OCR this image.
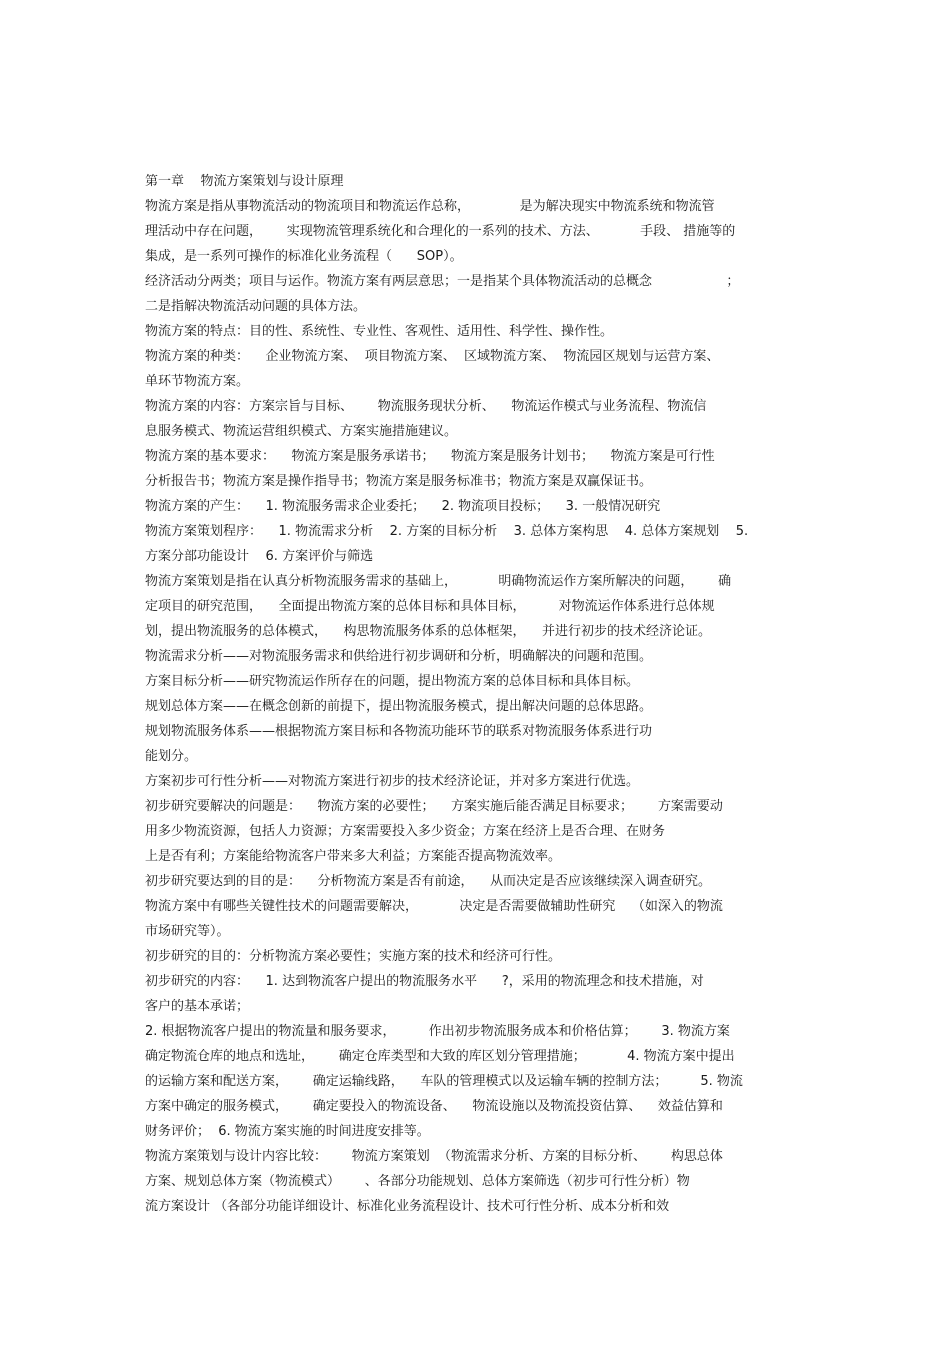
第一章    物流方案策划与设计原理
物流方案是指从事物流活动的物流项目和物流运作总称，            是为解决现实中物流系统和物流管
理活动中存在问题，      实现物流管理系统化和合理化的一系列的技术、方法、          手段、 措施等的
集成，是一系列可操作的标准化业务流程（      SOP）。
经济活动分两类；项目与运作。物流方案有两层意思；一是指某个具体物流活动的总概念                  ；
二是指解决物流活动问题的具体方法。
物流方案的特点：目的性、系统性、专业性、客观性、适用性、科学性、操作性。
物流方案的种类：    企业物流方案、  项目物流方案、  区域物流方案、  物流园区规划与运营方案、
单环节物流方案。
物流方案的内容：方案宗旨与目标、      物流服务现状分析、    物流运作模式与业务流程、物流信
息服务模式、物流运营组织模式、方案实施措施建议。
物流方案的基本要求：    物流方案是服务承诺书；    物流方案是服务计划书；    物流方案是可行性
分析报告书；物流方案是操作指导书；物流方案是服务标准书；物流方案是双赢保证书。
物流方案的产生：    1. 物流服务需求企业委托；    2. 物流项目投标；    3. 一般情况研究
物流方案策划程序：    1. 物流需求分析    2. 方案的目标分析    3. 总体方案构思    4. 总体方案规划    5.
方案分部功能设计    6. 方案评价与筛选
物流方案策划是指在认真分析物流服务需求的基础上，          明确物流运作方案所解决的问题，      确
定项目的研究范围，    全面提出物流方案的总体目标和具体目标，        对物流运作体系进行总体规
划，提出物流服务的总体模式，    构思物流服务体系的总体框架，    并进行初步的技术经济论证。
物流需求分析——对物流服务需求和供给进行初步调研和分析，明确解决的问题和范围。
方案目标分析——研究物流运作所存在的问题，提出物流方案的总体目标和具体目标。
规划总体方案——在概念创新的前提下，提出物流服务模式，提出解决问题的总体思路。
规划物流服务体系——根据物流方案目标和各物流功能环节的联系对物流服务体系进行功
能划分。
方案初步可行性分析——对物流方案进行初步的技术经济论证，并对多方案进行优选。
初步研究要解决的问题是：    物流方案的必要性；    方案实施后能否满足目标要求；      方案需要动
用多少物流资源，包括人力资源；方案需要投入多少资金；方案在经济上是否合理、在财务
上是否有利；方案能给物流客户带来多大利益；方案能否提高物流效率。
初步研究要达到的目的是：    分析物流方案是否有前途，    从而决定是否应该继续深入调查研究。
物流方案中有哪些关键性技术的问题需要解决，          决定是否需要做辅助性研究    （如深入的物流
市场研究等）。
初步研究的目的：分析物流方案必要性；实施方案的技术和经济可行性。
初步研究的内容：    1. 达到物流客户提出的物流服务水平      ?，采用的物流理念和技术措施，对
客户的基本承诺；
2. 根据物流客户提出的物流量和服务要求，        作出初步物流服务成本和价格估算；      3. 物流方案
确定物流仓库的地点和选址，      确定仓库类型和大致的库区划分管理措施；          4. 物流方案中提出
的运输方案和配送方案，      确定运输线路，    车队的管理模式以及运输车辆的控制方法；        5. 物流
方案中确定的服务模式，      确定要投入的物流设备、    物流设施以及物流投资估算、    效益估算和
财务评价；  6. 物流方案实施的时间进度安排等。
物流方案策划与设计内容比较：      物流方案策划  （物流需求分析、方案的目标分析、      构思总体
方案、规划总体方案（物流模式）      、各部分功能规划、总体方案筛选（初步可行性分析）物
流方案设计 （各部分功能详细设计、标准化业务流程设计、技术可行性分析、成本分析和效
